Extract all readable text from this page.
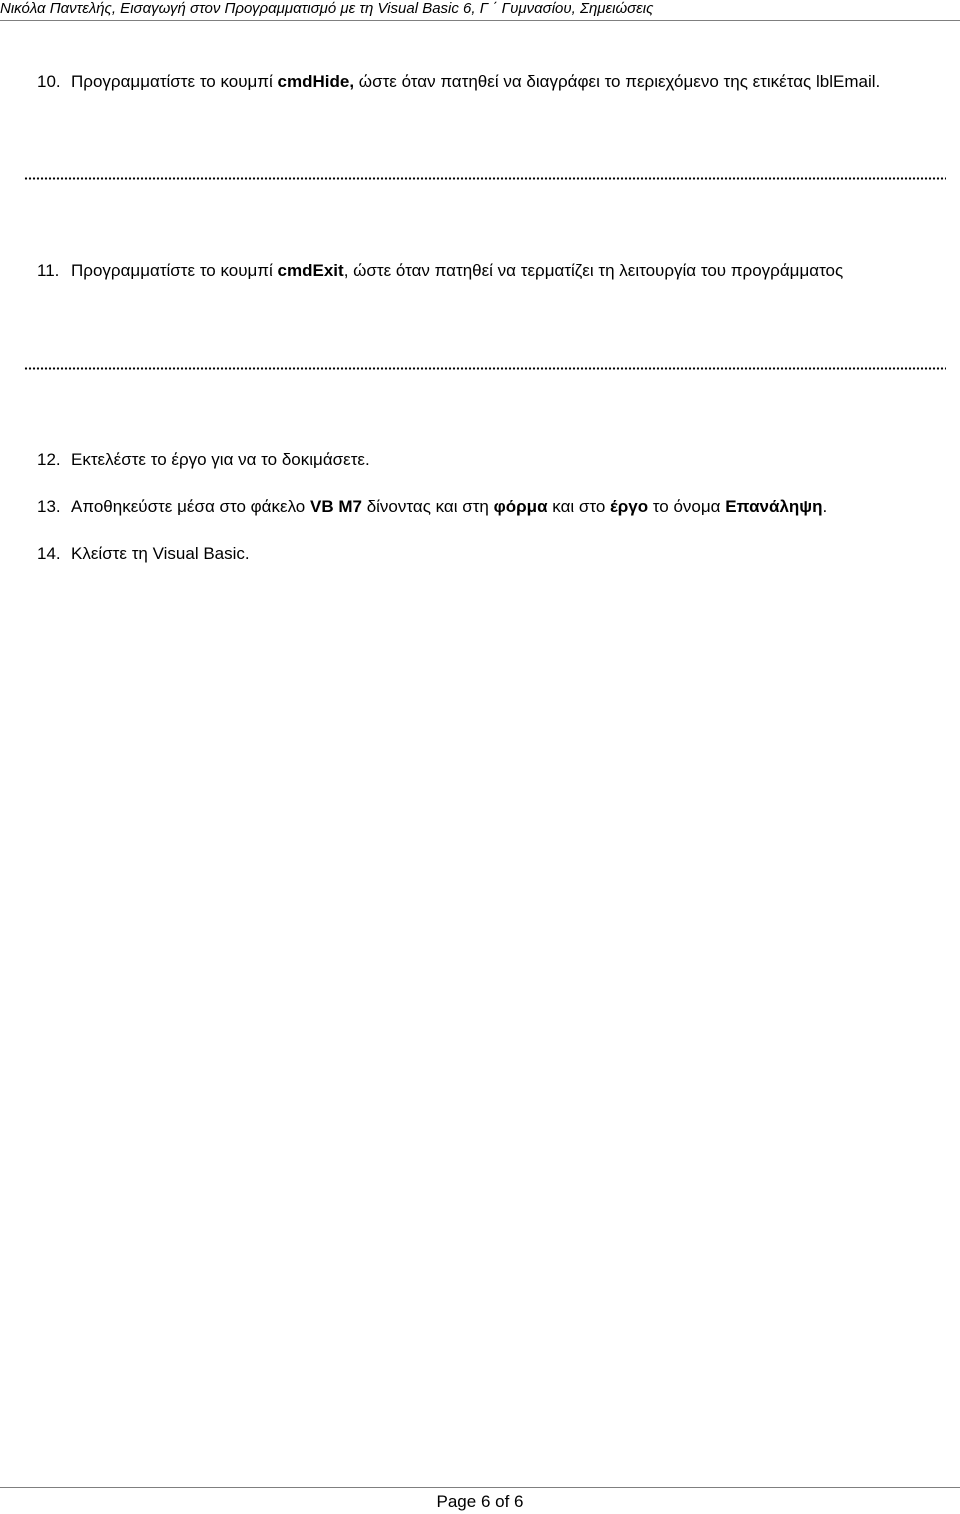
Νικόλα Παντελής, Εισαγωγή στον Προγραμματισμό με τη Visual Basic 6, Γ ΄ Γυμνασίου, Σημειώσεις
10. Προγραμματίστε το κουμπί cmdHide, ώστε όταν πατηθεί να διαγράφει το περιεχόμενο της ετικέτας lblEmail.
11. Προγραμματίστε το κουμπί cmdExit, ώστε όταν πατηθεί να τερματίζει τη λειτουργία του προγράμματος
12. Εκτελέστε το έργο για να το δοκιμάσετε.
13. Αποθηκεύστε μέσα στο φάκελο VB M7 δίνοντας και στη φόρμα και στο έργο το όνομα Επανάληψη.
14. Κλείστε τη Visual Basic.
Page 6 of 6
